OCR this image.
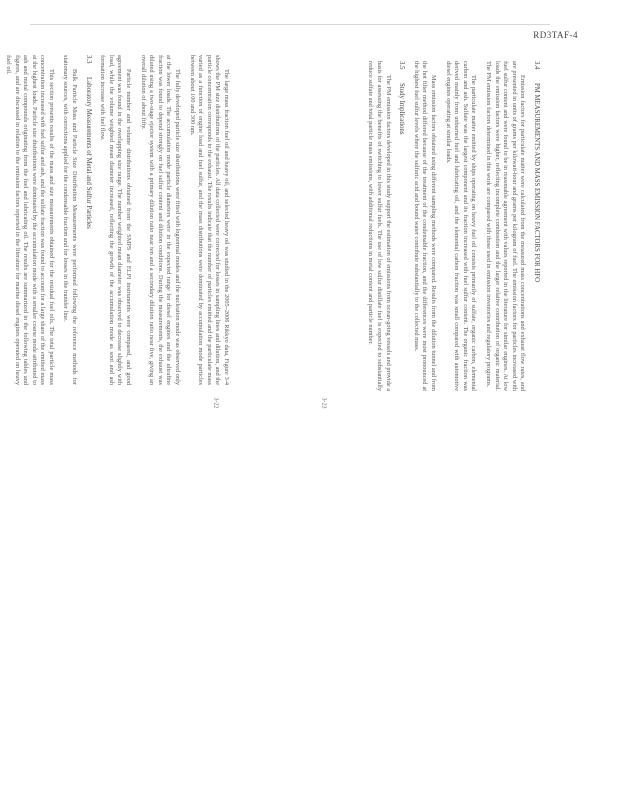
RD3TAF-4

The large mass fraction fuel oil and heavy oil, and selected heavy oil was studied in the 2005–2006 Rikkyo data, Figure 3-4 shows the PM size distributions of the particles. All data collected were corrected for losses in sampling lines and dilution, and the particle concentration corresponds to the exhaust. The results indicate that the number of particles emitted and the particulate mass varied as a function of engine load and fuel sulfur, and the mass distributions were dominated by accumulation mode particles between about 100 and 300 nm.

The fully developed particle size distributions were fitted with lognormal modes and the nucleation mode was observed only at the lower loads. The accumulation mode particle diameters were in the expected range for diesel engines and the ultrafine fraction was found to depend strongly on fuel sulfur content and dilution conditions. During the measurements, the exhaust was diluted using a two-stage ejector system with a primary dilution ratio near ten and a secondary dilution ratio near five, giving an overall dilution of about fifty.

Particle number and volume distributions obtained from the SMPS and ELPI instruments were compared, and good agreement was found in the overlapping size range. The number weighted mean diameter was observed to decrease slightly with load, while the volume weighted mean diameter increased, reflecting the growth of the accumulation mode as soot and ash formation increase with fuel flow.

3.3Laboratory Measurements of Metal and Sulfur Particles

Bulk Particle Mass and Particle Size Distribution Measurements were performed following the reference methods for stationary sources, with corrections applied for the condensable fraction and for losses in the transfer line.

This section presents results of the mass and size measurements obtained for the residual fuel oils. The total particle mass concentration increased with fuel sulfur and ash, and the sulfate fraction was found to account for a large share of the emitted mass at the highest loads. Particle size distributions were dominated by the accumulation mode with a smaller coarse mode attributed to ash and metal compounds originating from the fuel and lubricating oil. The results are summarized in the following tables and figures, and are discussed in relation to the emission factors reported in the literature for marine diesel engines operated on heavy fuel oil.

3-22
3.4PM MEASUREMENTS AND MASS EMISSION FACTORS FOR HFO

Emission factors for particulate matter were calculated from the measured mass concentrations and exhaust flow rates, and are presented in units of grams per kilowatt-hour and grams per kilogram of fuel. The emission factors for particles increased with fuel sulfur content and were found to be in reasonable agreement with values reported in the literature for similar engines. At low loads the emission factors were higher, reflecting incomplete combustion and the larger relative contribution of organic material. The PM emission factors determined in this work are compared with those used in emission inventories and regulatory programs.

The particulate matter emitted by ships operating on heavy fuel oil consists primarily of sulfate, organic carbon, elemental carbon and ash. Sulfate was the largest component and its fraction increased with fuel sulfur content. The organic fraction was derived mainly from unburned fuel and lubricating oil, and the elemental carbon fraction was small compared with automotive diesel engines operating at similar loads.

Mass emission factors obtained using different sampling methods were compared. Results from the dilution tunnel and from the hot filter method differed because of the treatment of the condensable fraction, and the differences were most pronounced at the highest fuel sulfur levels where the sulfuric acid and bound water contribute substantially to the collected mass.

3.5Study Implications

The PM emission factors developed in this study support the estimation of emissions from ocean-going vessels and provide a basis for assessing the benefits of switching to lower sulfur fuels. The use of low sulfur distillate fuel is expected to substantially reduce sulfate and total particle mass emissions, with additional reductions in metal content and particle number.

3-23
